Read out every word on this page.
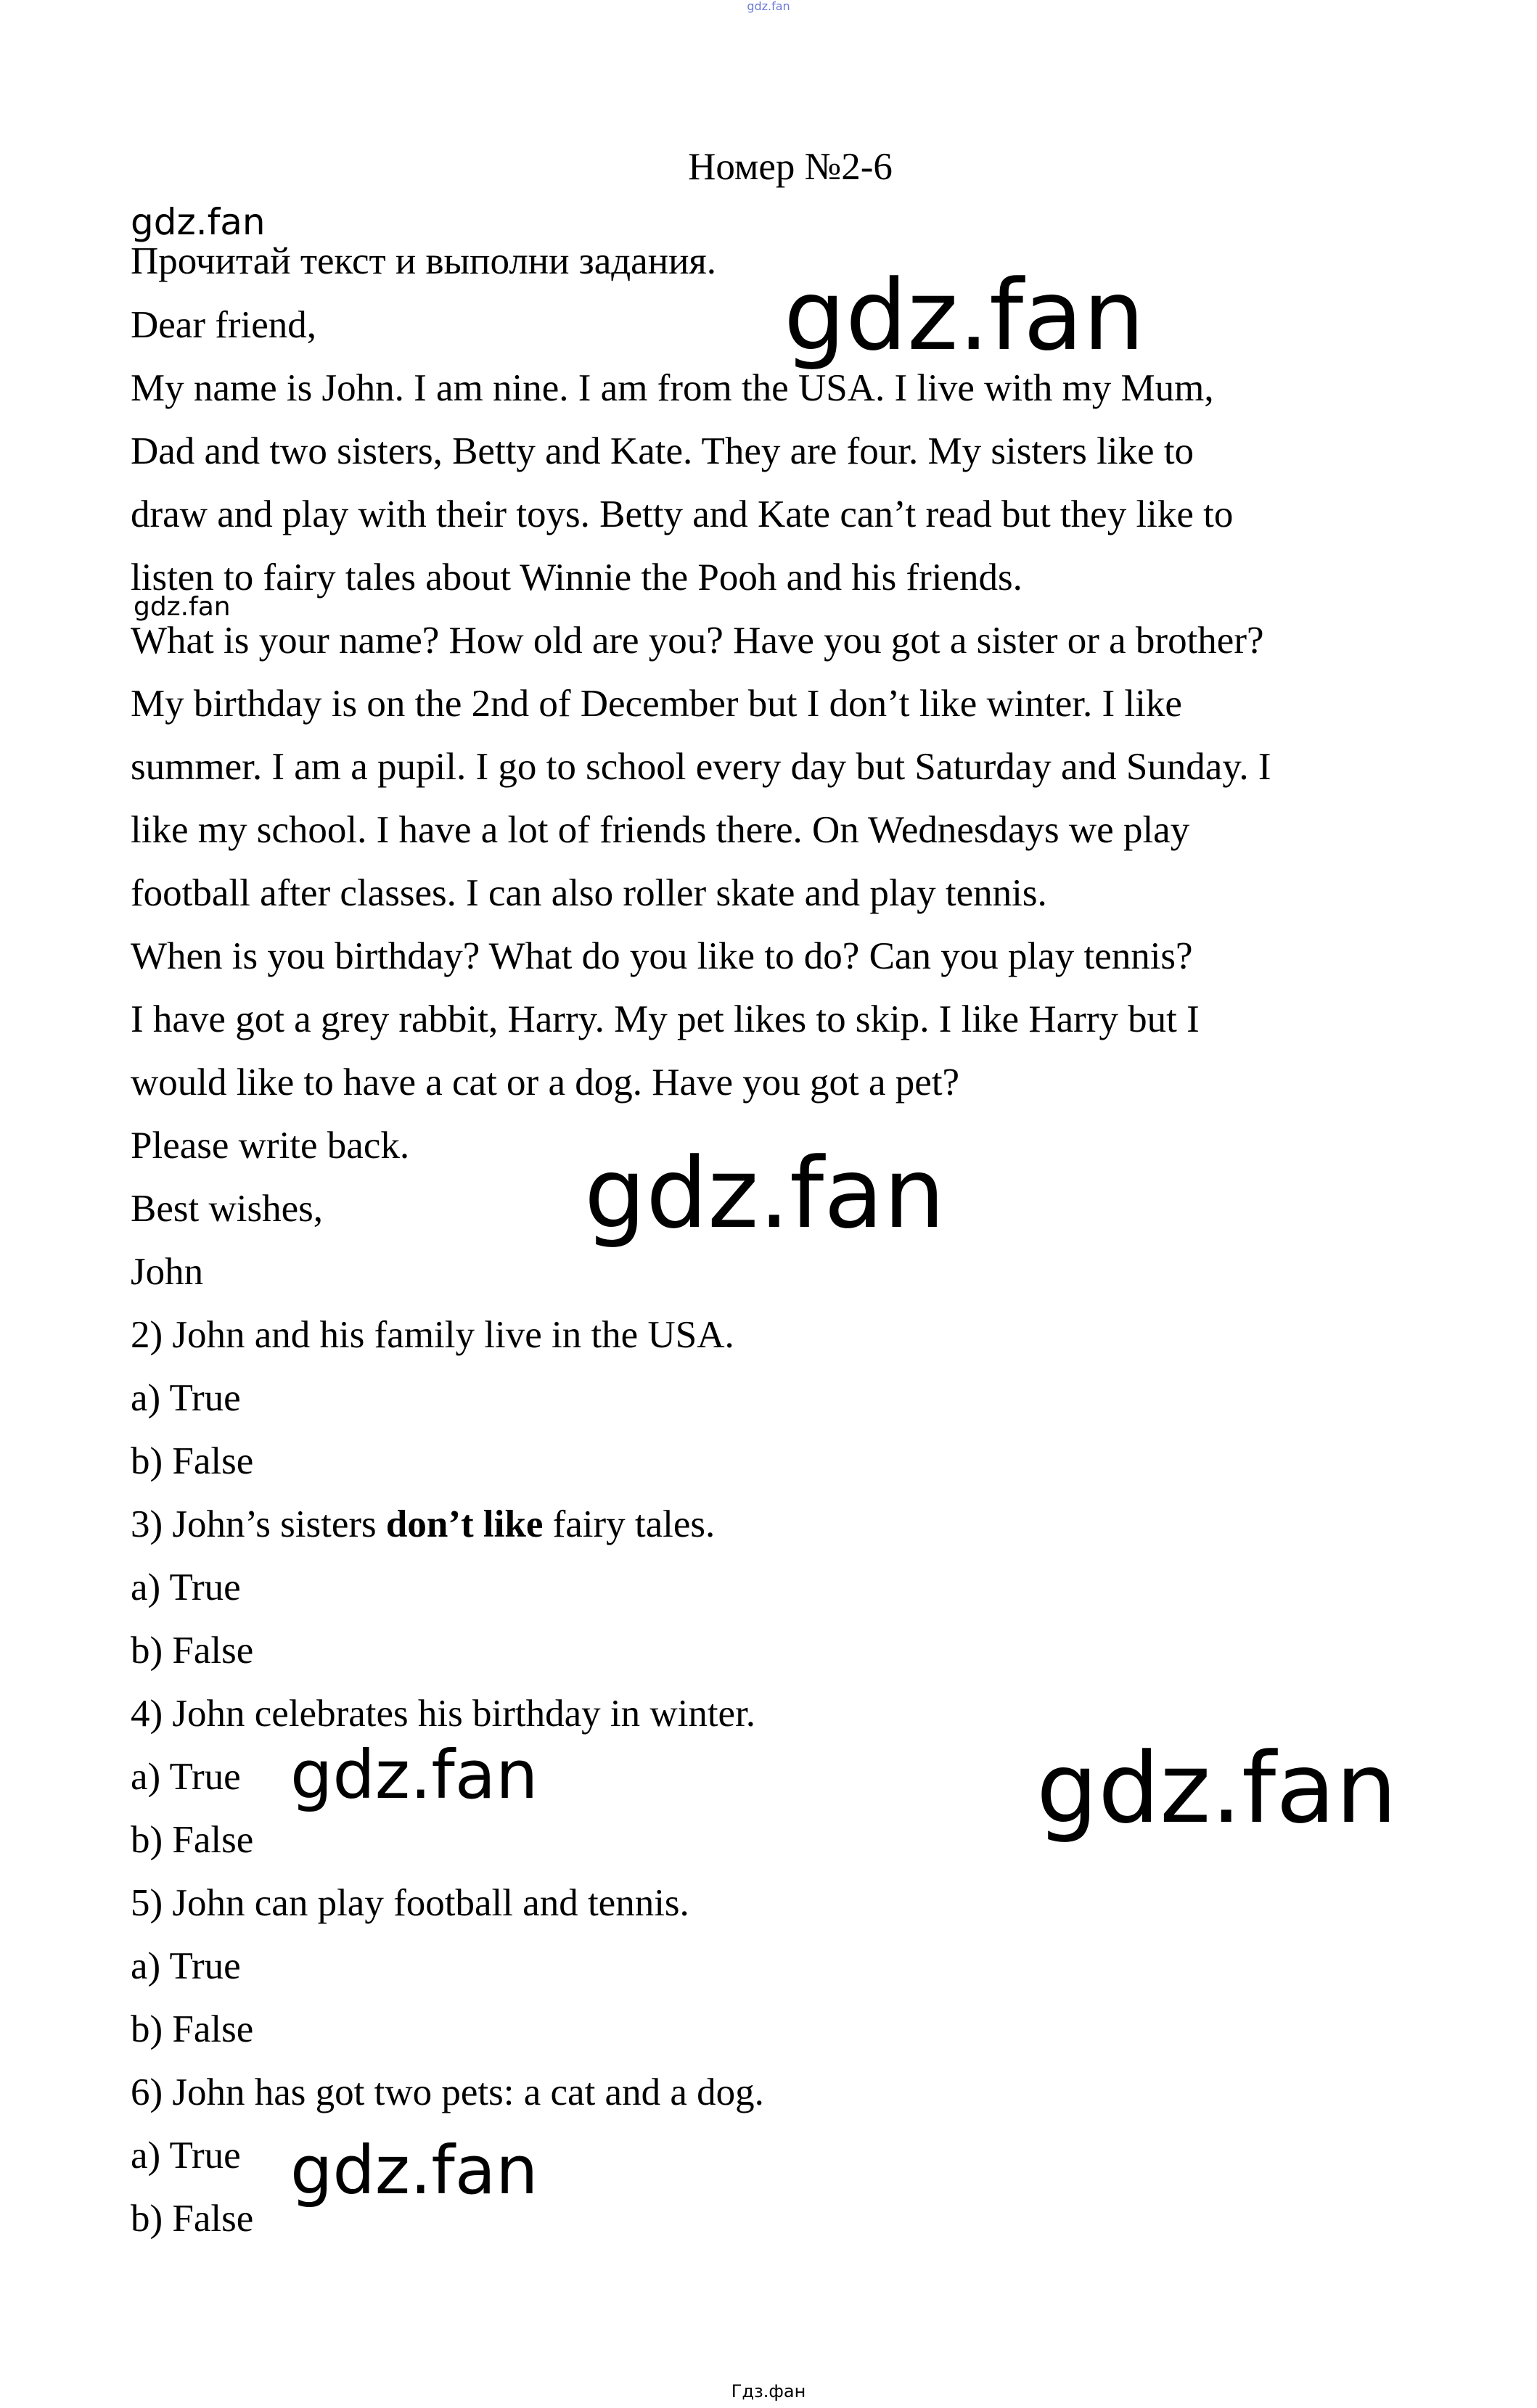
gdz.fan
Номер №2-6
gdz.fan
Прочитай текст и выполни задания. gdz.fan
Dear friend,
My name is John. I am nine. I am from the USA. I live with my Mum,
Dad and two sisters, Betty and Kate. They are four. My sisters like to
draw and play with their toys. Betty and Kate can’t read but they like to
listen to fairy tales about Winnie the Pooh and his friends.
gdz.fan
What is your name? How old are you? Have you got a sister or a brother?
My birthday is on the 2nd of December but I don’t like winter. I like
summer. I am a pupil. I go to school every day but Saturday and Sunday. I
like my school. I have a lot of friends there. On Wednesdays we play
football after classes. I can also roller skate and play tennis.
When is you birthday? What do you like to do? Can you play tennis?
I have got a grey rabbit, Harry. My pet likes to skip. I like Harry but I
would like to have a cat or a dog. Have you got a pet?
Please write back. gdz.fan
Best wishes,
John
2) John and his family live in the USA.
a) True
b) False
3) John’s sisters don’t like fairy tales.
a) True
b) False
4) John celebrates his birthday in winter.
a) True gdz.fan	gdz.fan
b) False
5) John can play football and tennis.
a) True
b) False
6) John has got two pets: a cat and a dog.
a) True gdz.fan
b) False
Гдз.фан
